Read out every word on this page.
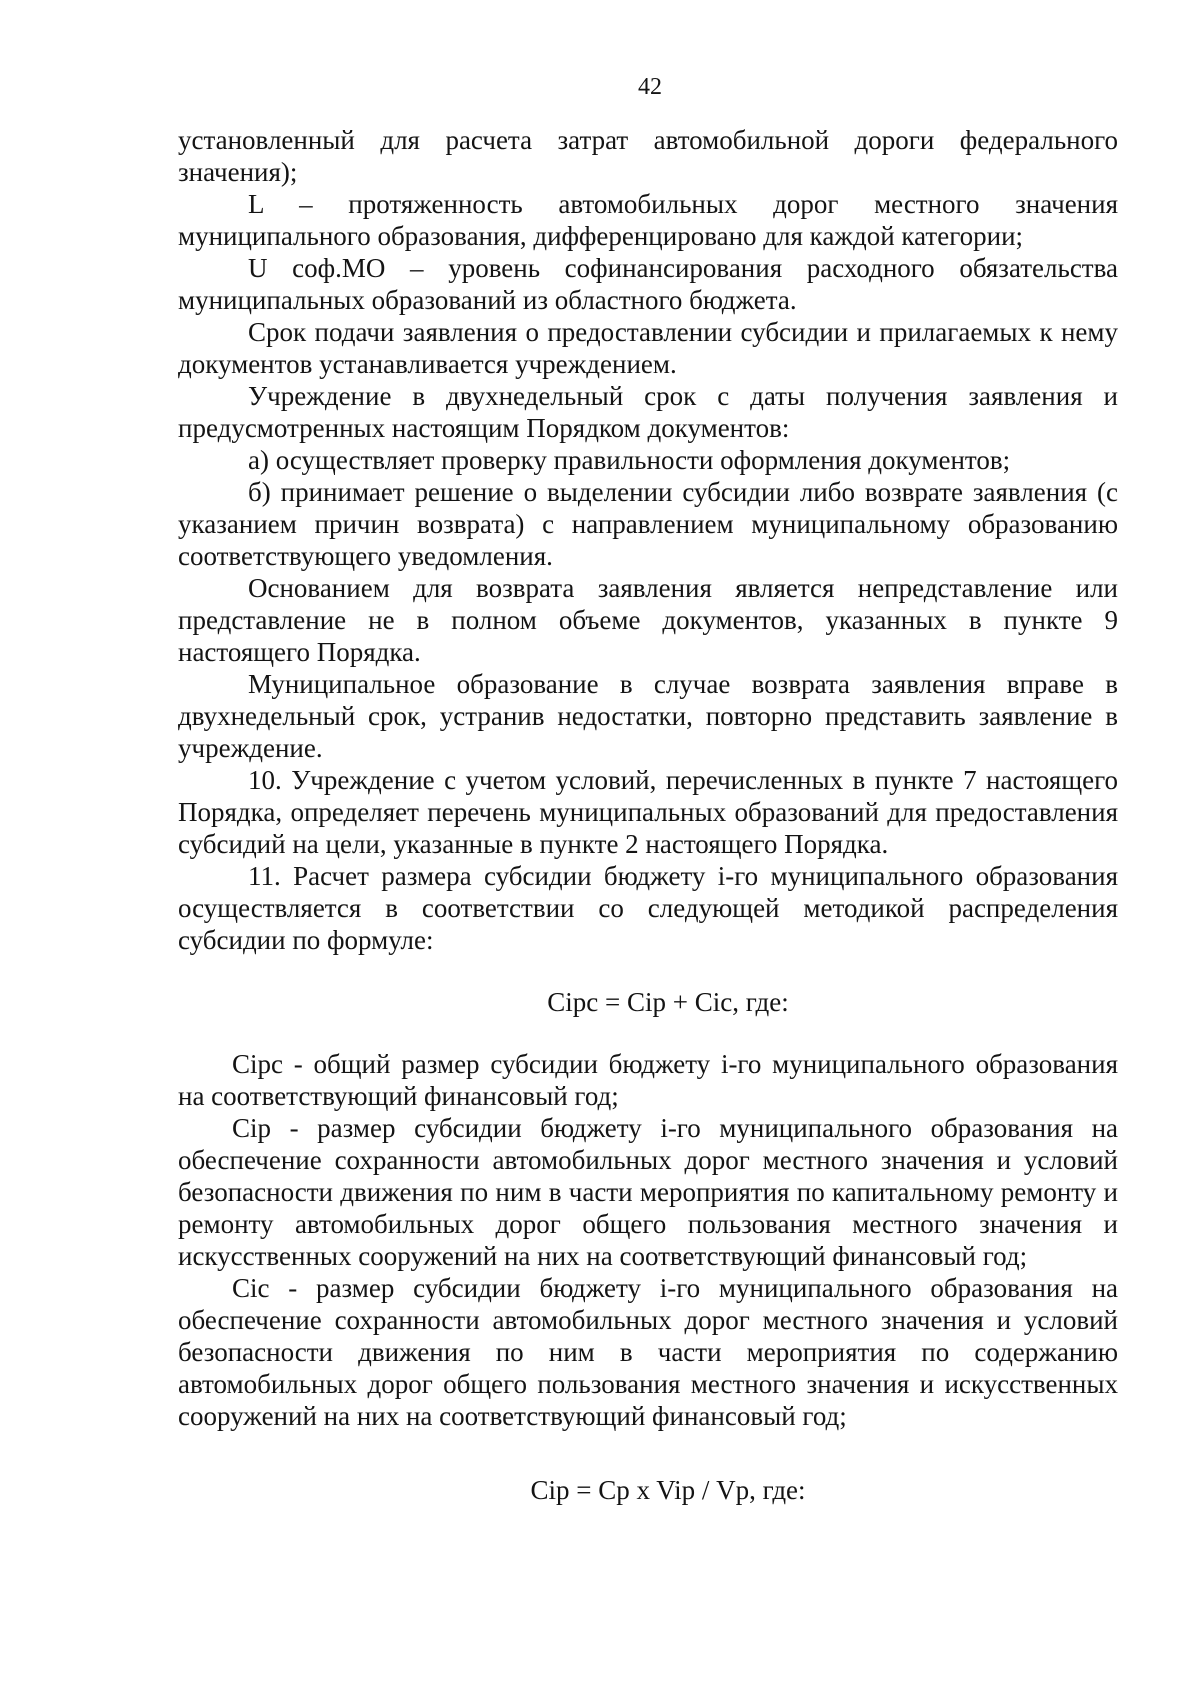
42

установленный для расчета затрат автомобильной дороги федерального значения);

L – протяженность автомобильных дорог местного значения муниципального образования, дифференцировано для каждой категории;

U соф.МО – уровень софинансирования расходного обязательства муниципальных образований из областного бюджета.

Срок подачи заявления о предоставлении субсидии и прилагаемых к нему документов устанавливается учреждением.

Учреждение в двухнедельный срок с даты получения заявления и предусмотренных настоящим Порядком документов:

а) осуществляет проверку правильности оформления документов;

б) принимает решение о выделении субсидии либо возврате заявления (с указанием причин возврата) с направлением муниципальному образованию соответствующего уведомления.

Основанием для возврата заявления является непредставление или представление не в полном объеме документов, указанных в пункте 9 настоящего Порядка.

Муниципальное образование в случае возврата заявления вправе в двухнедельный срок, устранив недостатки, повторно представить заявление в учреждение.

10. Учреждение с учетом условий, перечисленных в пункте 7 настоящего Порядка, определяет перечень муниципальных образований для предоставления субсидий на цели, указанные в пункте 2 настоящего Порядка.

11. Расчет размера субсидии бюджету i-го муниципального образования осуществляется в соответствии со следующей методикой распределения субсидии по формуле:

Ciрс = Ciр + Ciс, где:

Ciрс - общий размер субсидии бюджету i-го муниципального образования на соответствующий финансовый год;

Ciр - размер субсидии бюджету i-го муниципального образования на обеспечение сохранности автомобильных дорог местного значения и условий безопасности движения по ним в части мероприятия по капитальному ремонту и ремонту автомобильных дорог общего пользования местного значения и искусственных сооружений на них на соответствующий финансовый год;

Ciс - размер субсидии бюджету i-го муниципального образования на обеспечение сохранности автомобильных дорог местного значения и условий безопасности движения по ним в части мероприятия по содержанию автомобильных дорог общего пользования местного значения и искусственных сооружений на них на соответствующий финансовый год;

Ciр = Cр x Viр / Vр, где:
